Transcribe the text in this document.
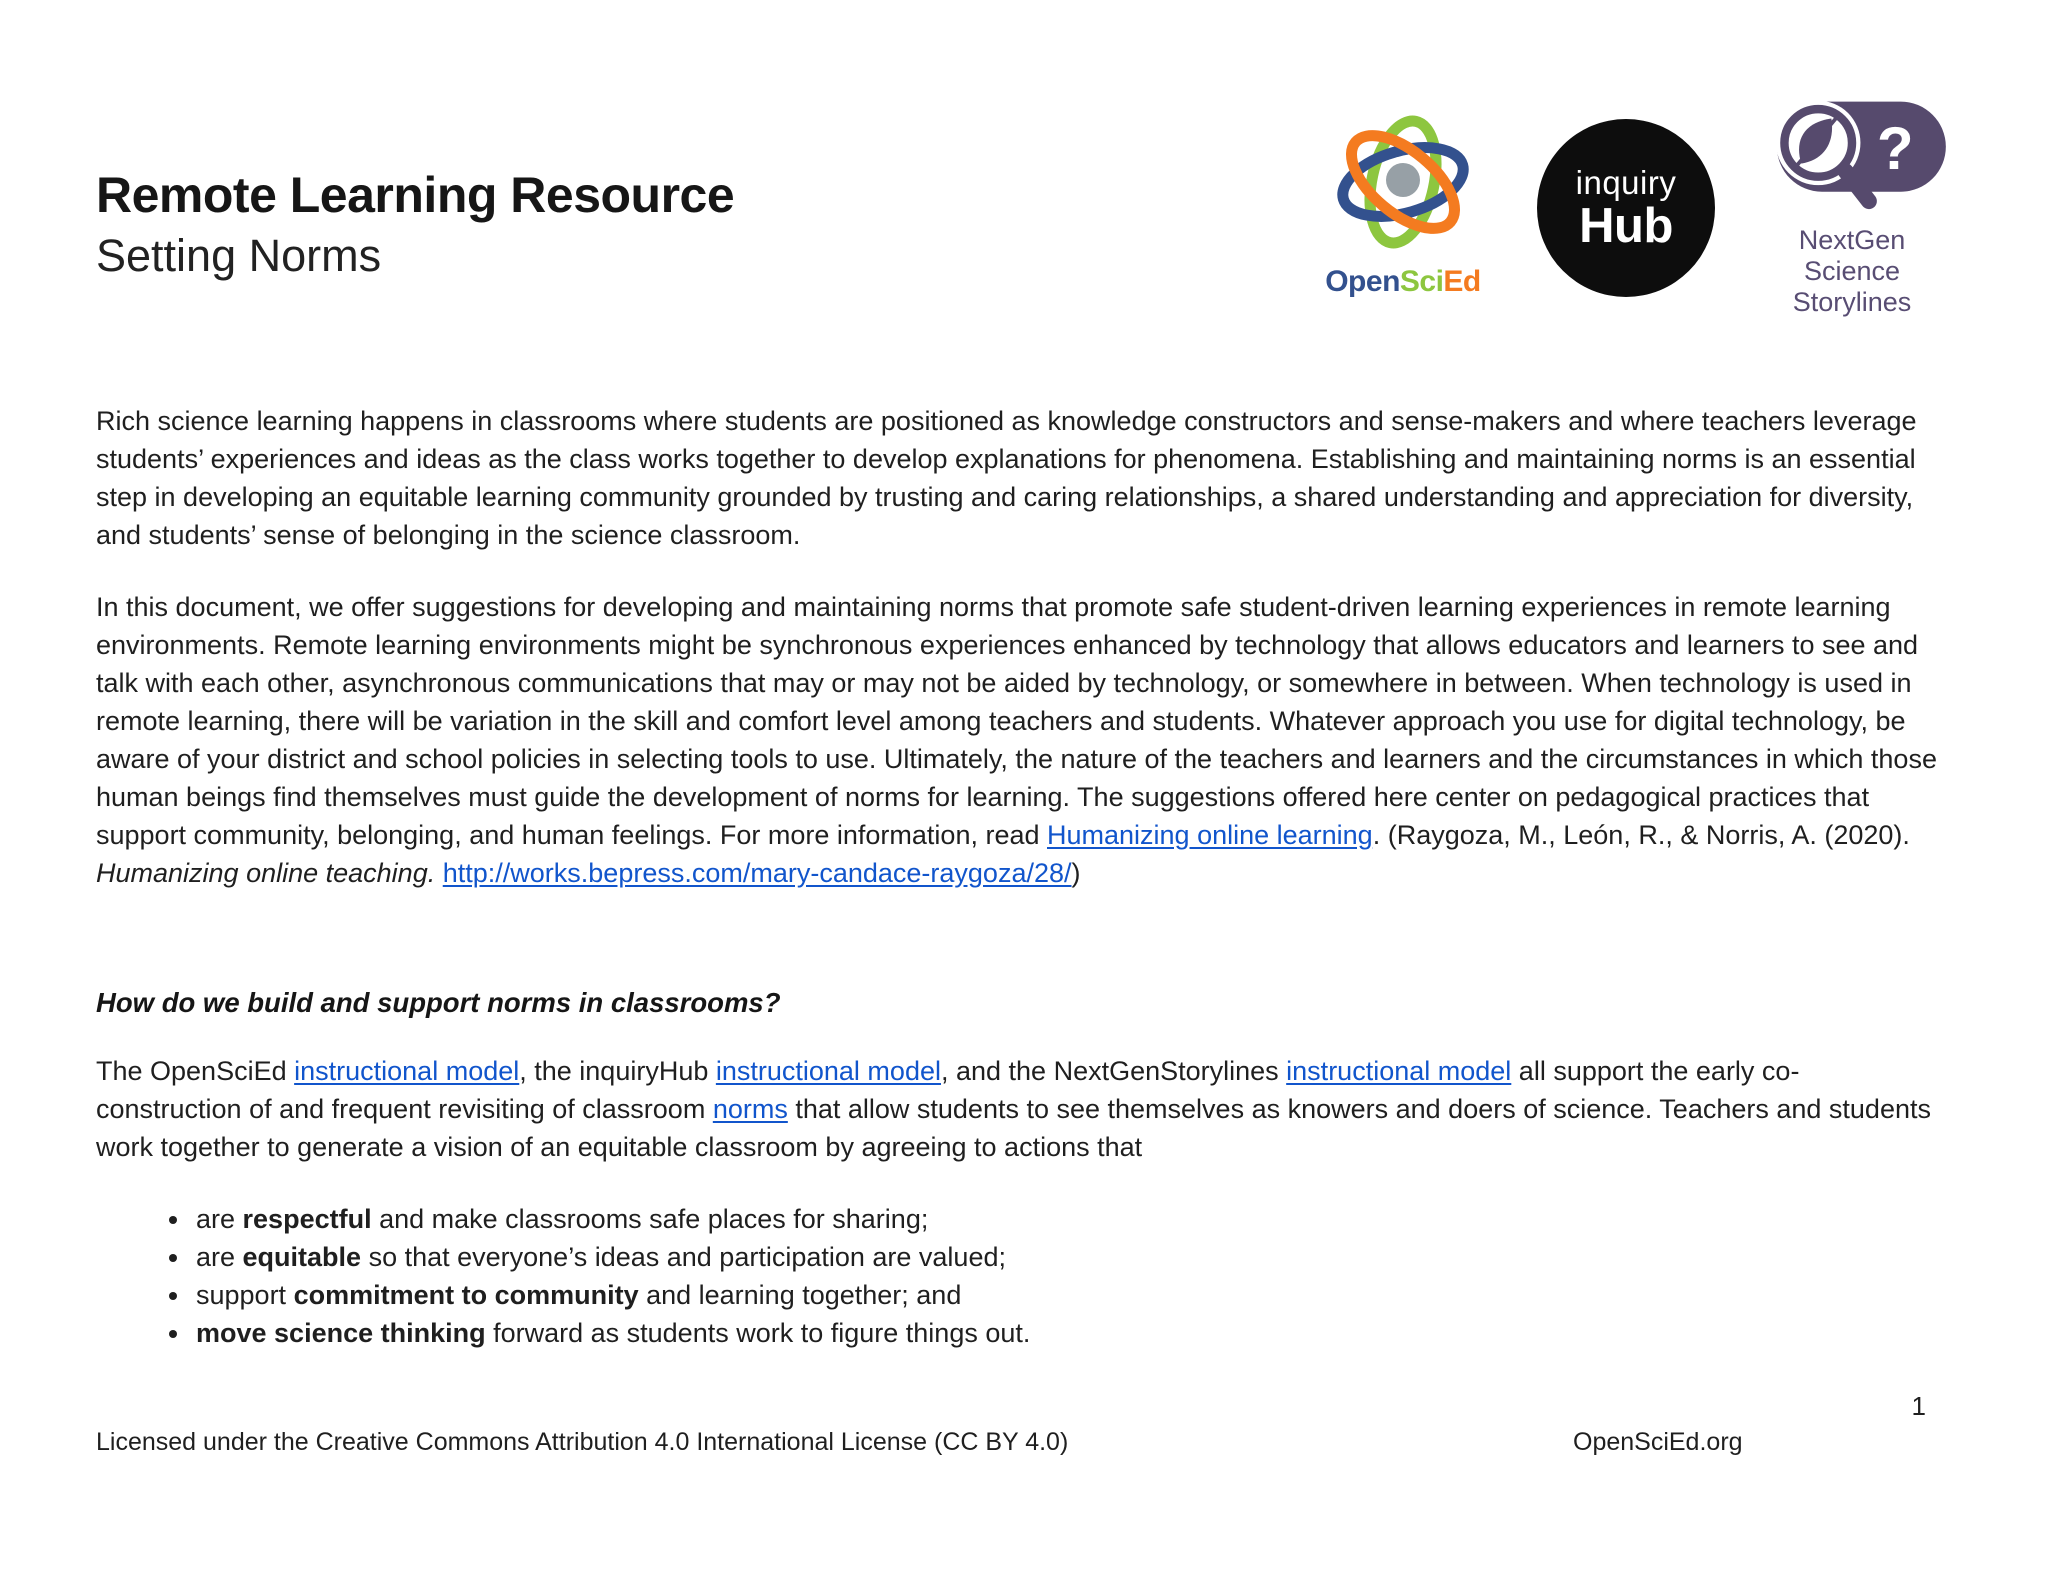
Remote Learning Resource
Setting Norms
OpenSciEd
inquiry
Hub
?
NextGen
Science
Storylines

Rich science learning happens in classrooms where students are positioned as knowledge constructors and sense-makers and where teachers leverage students’ experiences and ideas as the class works together to develop explanations for phenomena. Establishing and maintaining norms is an essential step in developing an equitable learning community grounded by trusting and caring relationships, a shared understanding and appreciation for diversity, and students’ sense of belonging in the science classroom.

In this document, we offer suggestions for developing and maintaining norms that promote safe student-driven learning experiences in remote learning environments. Remote learning environments might be synchronous experiences enhanced by technology that allows educators and learners to see and talk with each other, asynchronous communications that may or may not be aided by technology, or somewhere in between. When technology is used in remote learning, there will be variation in the skill and comfort level among teachers and students. Whatever approach you use for digital technology, be aware of your district and school policies in selecting tools to use. Ultimately, the nature of the teachers and learners and the circumstances in which those human beings find themselves must guide the development of norms for learning. The suggestions offered here center on pedagogical practices that support community, belonging, and human feelings. For more information, read Humanizing online learning. (Raygoza, M., León, R., & Norris, A. (2020). Humanizing online teaching. http://works.bepress.com/mary-candace-raygoza/28/)

How do we build and support norms in classrooms?

The OpenSciEd instructional model, the inquiryHub instructional model, and the NextGenStorylines instructional model all support the early co-construction of and frequent revisiting of classroom norms that allow students to see themselves as knowers and doers of science. Teachers and students work together to generate a vision of an equitable classroom by agreeing to actions that

• are respectful and make classrooms safe places for sharing;
• are equitable so that everyone’s ideas and participation are valued;
• support commitment to community and learning together; and
• move science thinking forward as students work to figure things out.
1
Licensed under the Creative Commons Attribution 4.0 International License (CC BY 4.0)	OpenSciEd.org
